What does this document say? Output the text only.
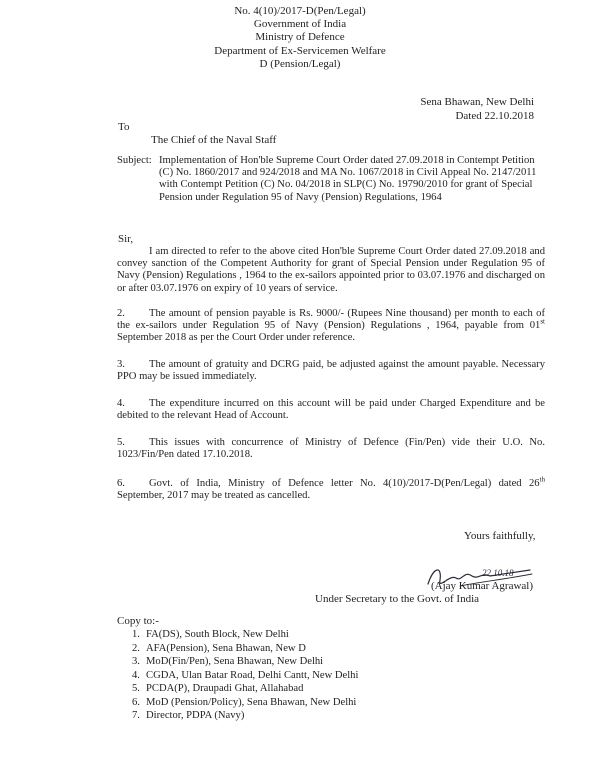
No. 4(10)/2017-D(Pen/Legal)
Government of India
Ministry of Defence
Department of Ex-Servicemen Welfare
D (Pension/Legal)
Sena Bhawan, New Delhi
Dated 22.10.2018
To
The Chief of the Naval Staff
Subject: Implementation of Hon'ble Supreme Court Order dated 27.09.2018 in Contempt Petition (C) No. 1860/2017 and 924/2018 and MA No. 1067/2018 in Civil Appeal No. 2147/2011 with Contempt Petition (C) No. 04/2018 in SLP(C) No. 19790/2010 for grant of Special Pension under Regulation 95 of Navy (Pension) Regulations, 1964
Sir,
I am directed to refer to the above cited Hon'ble Supreme Court Order dated 27.09.2018 and convey sanction of the Competent Authority for grant of Special Pension under Regulation 95 of Navy (Pension) Regulations , 1964 to the ex-sailors appointed prior to 03.07.1976 and discharged on or after 03.07.1976 on expiry of 10 years of service.
2. The amount of pension payable is Rs. 9000/- (Rupees Nine thousand) per month to each of the ex-sailors under Regulation 95 of Navy (Pension) Regulations , 1964, payable from 01st September 2018 as per the Court Order under reference.
3. The amount of gratuity and DCRG paid, be adjusted against the amount payable. Necessary PPO may be issued immediately.
4. The expenditure incurred on this account will be paid under Charged Expenditure and be debited to the relevant Head of Account.
5. This issues with concurrence of Ministry of Defence (Fin/Pen) vide their U.O. No. 1023/Fin/Pen dated 17.10.2018.
6. Govt. of India, Ministry of Defence letter No. 4(10)/2017-D(Pen/Legal) dated 26th September, 2017 may be treated as cancelled.
Yours faithfully,
22.10.18
(Ajay Kumar Agrawal)
Under Secretary to the Govt. of India
Copy to:-
1. FA(DS), South Block, New Delhi
2. AFA(Pension), Sena Bhawan, New D
3. MoD(Fin/Pen), Sena Bhawan, New Delhi
4. CGDA, Ulan Batar Road, Delhi Cantt, New Delhi
5. PCDA(P), Draupadi Ghat, Allahabad
6. MoD (Pension/Policy), Sena Bhawan, New Delhi
7. Director, PDPA (Navy)
